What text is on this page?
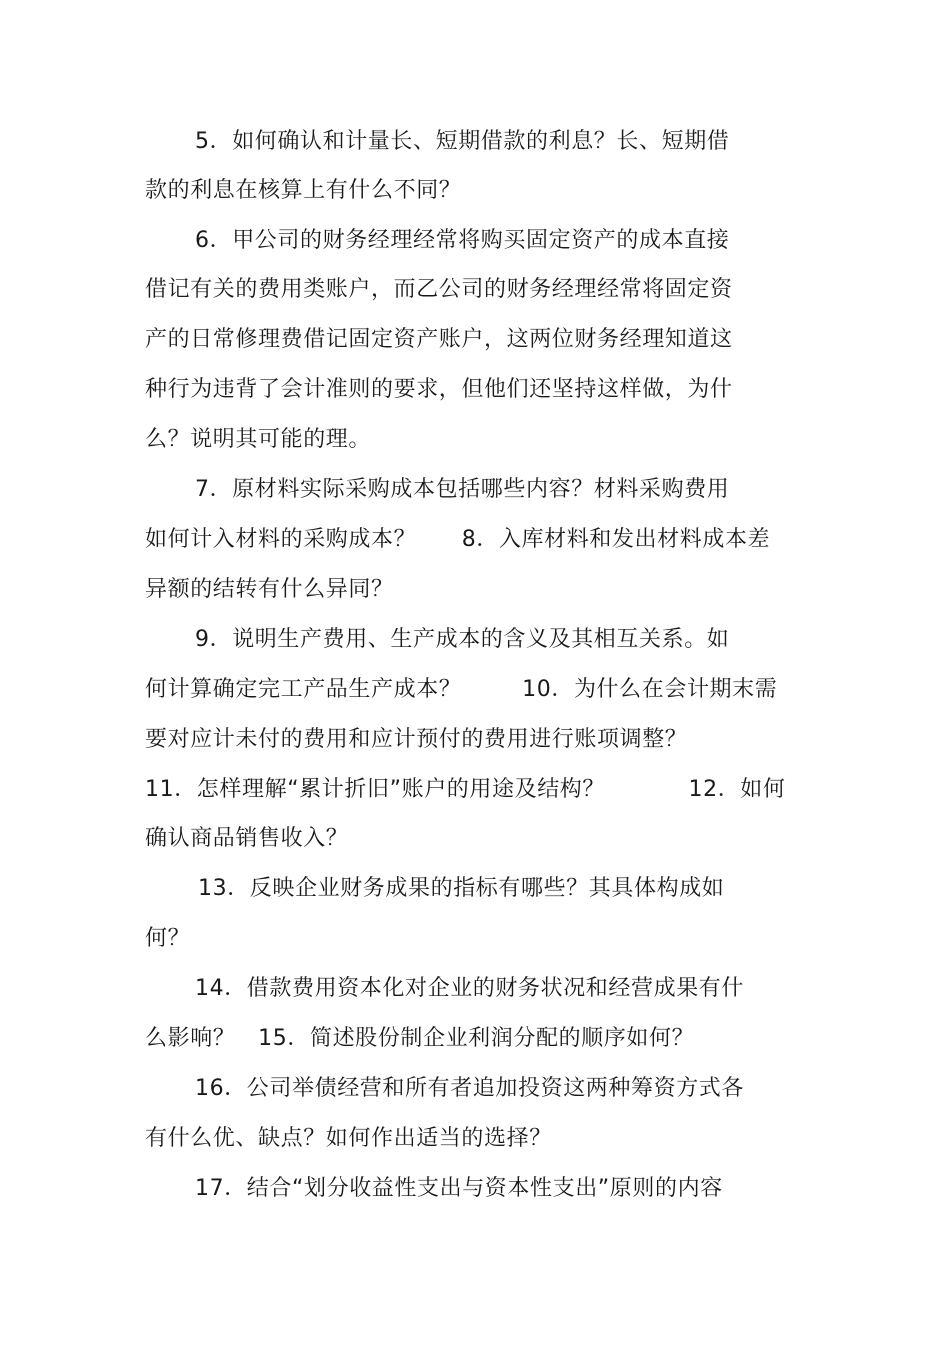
5．如何确认和计量长、短期借款的利息？长、短期借
款的利息在核算上有什么不同？
6．甲公司的财务经理经常将购买固定资产的成本直接
借记有关的费用类账户，而乙公司的财务经理经常将固定资
产的日常修理费借记固定资产账户，这两位财务经理知道这
种行为违背了会计准则的要求，但他们还坚持这样做，为什
么？说明其可能的理。
7．原材料实际采购成本包括哪些内容？材料采购费用
如何计入材料的采购成本？      8．入库材料和发出材料成本差
异额的结转有什么异同？
9．说明生产费用、生产成本的含义及其相互关系。如
何计算确定完工产品生产成本？        10．为什么在会计期末需
要对应计未付的费用和应计预付的费用进行账项调整？
11．怎样理解“累计折旧”账户的用途及结构？           12．如何
确认商品销售收入？
13．反映企业财务成果的指标有哪些？其具体构成如
何？
14．借款费用资本化对企业的财务状况和经营成果有什
么影响？   15．简述股份制企业利润分配的顺序如何？
16．公司举债经营和所有者追加投资这两种筹资方式各
有什么优、缺点？如何作出适当的选择？
17．结合“划分收益性支出与资本性支出”原则的内容
